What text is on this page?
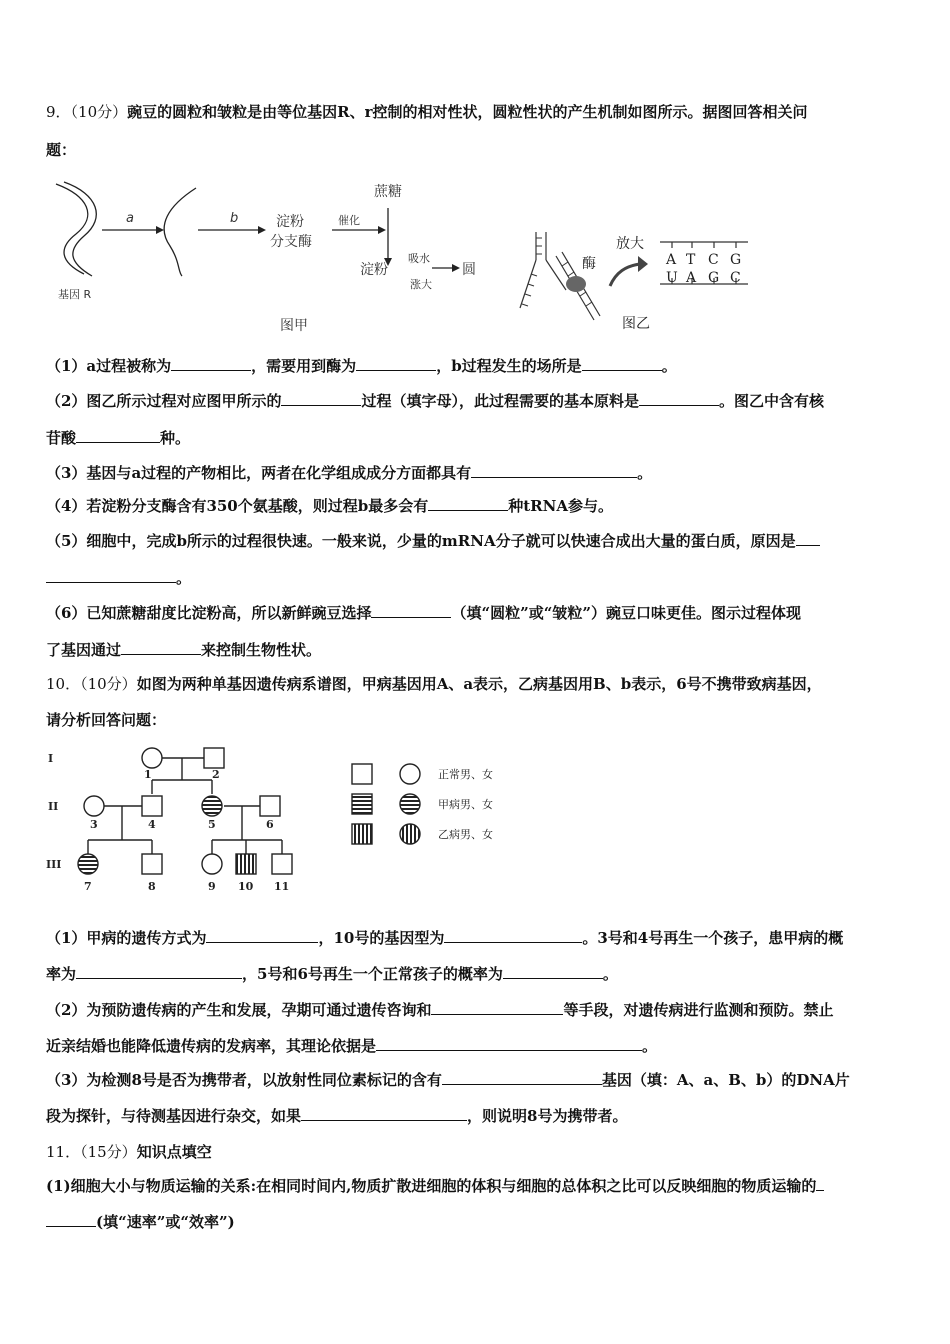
9．（10分）豌豆的圆粒和皱粒是由等位基因R、r控制的相对性状，圆粒性状的产生机制如图所示。据图回答相关问
题：
a	b
基因 R
淀粉
分支酶
蔗糖
催化
淀粉
吸水
涨大
圆
图甲
酶
放大
A T C G
U A G C
图乙
（1）a过程被称为	，需要用到酶为	，b过程发生的场所是	。
（2）图乙所示过程对应图甲所示的	过程（填字母），此过程需要的基本原料是	。图乙中含有核
苷酸	种。
（3）基因与a过程的产物相比，两者在化学组成成分方面都具有	。
（4）若淀粉分支酶含有350个氨基酸，则过程b最多会有	种tRNA参与。
（5）细胞中，完成b所示的过程很快速。一般来说，少量的mRNA分子就可以快速合成出大量的蛋白质，原因是
。
（6）已知蔗糖甜度比淀粉高，所以新鲜豌豆选择	（填“圆粒”或“皱粒”）豌豆口味更佳。图示过程体现
了基因通过	来控制生物性状。
10．（10分）如图为两种单基因遗传病系谱图，甲病基因用A、a表示，乙病基因用B、b表示，6号不携带致病基因，
请分析回答问题：
I
II
III
1	2
3	4	5	6
7	8	9 10 11
正常男、女
甲病男、女
乙病男、女
（1）甲病的遗传方式为	，10号的基因型为	。3号和4号再生一个孩子，患甲病的概
率为	，5号和6号再生一个正常孩子的概率为	。
（2）为预防遗传病的产生和发展，孕期可通过遗传咨询和	等手段，对遗传病进行监测和预防。禁止
近亲结婚也能降低遗传病的发病率，其理论依据是	。
（3）为检测8号是否为携带者，以放射性同位素标记的含有	基因（填：A、a、B、b）的DNA片
段为探针，与待测基因进行杂交，如果	，则说明8号为携带者。
11．（15分）知识点填空
(1)细胞大小与物质运输的关系:在相同时间内,物质扩散进细胞的体积与细胞的总体积之比可以反映细胞的物质运输的
(填“速率”或“效率”)
